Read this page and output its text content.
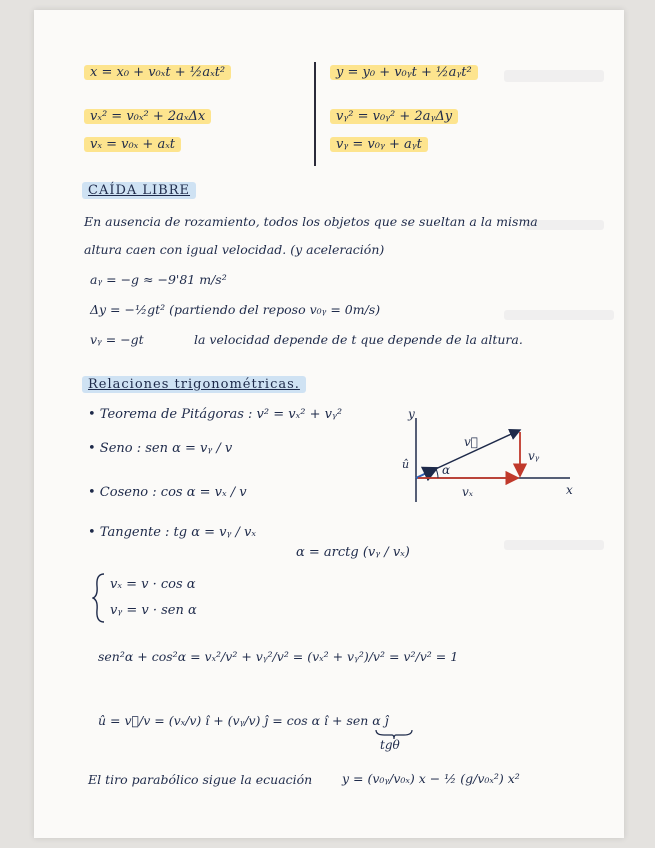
x = x₀ + v₀ₓt + ½aₓt²
vₓ² = v₀ₓ² + 2aₓΔx
vₓ = v₀ₓ + aₓt
y = y₀ + v₀ᵧt + ½aᵧt²
vᵧ² = v₀ᵧ² + 2aᵧΔy
vᵧ = v₀ᵧ + aᵧt
CAÍDA LIBRE
En ausencia de rozamiento, todos los objetos que se sueltan a la misma
altura caen con igual velocidad. (y aceleración)
aᵧ = −g ≈ −9'81 m/s²
Δy = −½gt² (partiendo del reposo v₀ᵧ = 0m/s)
vᵧ = −gt	la velocidad depende de t que depende de la altura.
Relaciones trigonométricas.
• Teorema de Pitágoras : v² = vₓ² + vᵧ²
• Seno : sen α = vᵧ / v
• Coseno : cos α = vₓ / v
• Tangente : tg α = vᵧ / vₓ
α = arctg (vᵧ / vₓ)
vₓ = v · cos α
vᵧ = v · sen α
sen²α + cos²α = vₓ²/v² + vᵧ²/v² = (vₓ² + vᵧ²)/v² = v²/v² = 1
û = v⃗/v = (vₓ/v) î + (vᵧ/v) ĵ = cos α î + sen α ĵ
tgθ
El tiro parabólico sigue la ecuación y = (v₀ᵧ/v₀ₓ) x − ½ (g/v₀ₓ²) x²
y
x
v⃗
û	α
vₓ
vᵧ
